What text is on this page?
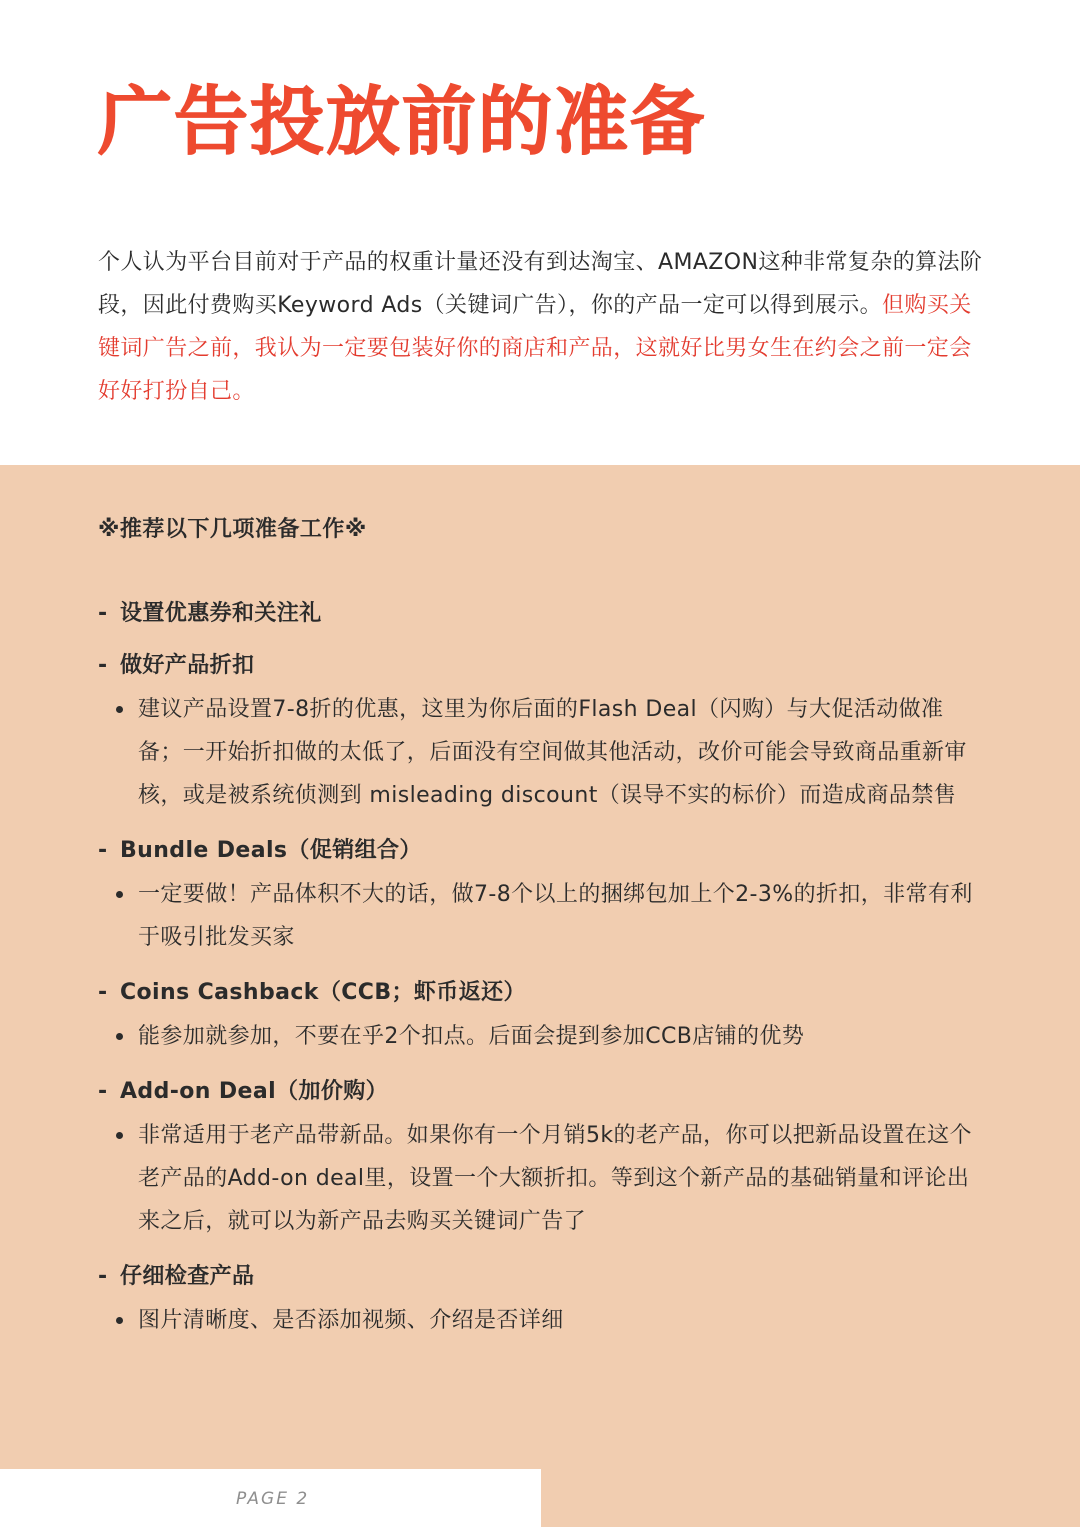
广告投放前的准备

个人认为平台目前对于产品的权重计量还没有到达淘宝、AMAZON这种非常复杂的算法阶段，因此付费购买Keyword Ads（关键词广告），你的产品一定可以得到展示。但购买关键词广告之前，我认为一定要包装好你的商店和产品，这就好比男女生在约会之前一定会好好打扮自己。

※推荐以下几项准备工作※
- 设置优惠券和关注礼
- 做好产品折扣
建议产品设置7-8折的优惠，这里为你后面的Flash Deal（闪购）与大促活动做准备；一开始折扣做的太低了，后面没有空间做其他活动，改价可能会导致商品重新审核，或是被系统侦测到 misleading discount（误导不实的标价）而造成商品禁售
- Bundle Deals（促销组合）
一定要做！产品体积不大的话，做7-8个以上的捆绑包加上个2-3%的折扣，非常有利于吸引批发买家
- Coins Cashback（CCB；虾币返还）
能参加就参加，不要在乎2个扣点。后面会提到参加CCB店铺的优势
- Add-on Deal（加价购）
非常适用于老产品带新品。如果你有一个月销5k的老产品，你可以把新品设置在这个老产品的Add-on deal里，设置一个大额折扣。等到这个新产品的基础销量和评论出来之后，就可以为新产品去购买关键词广告了
- 仔细检查产品
图片清晰度、是否添加视频、介绍是否详细
PAGE 2
